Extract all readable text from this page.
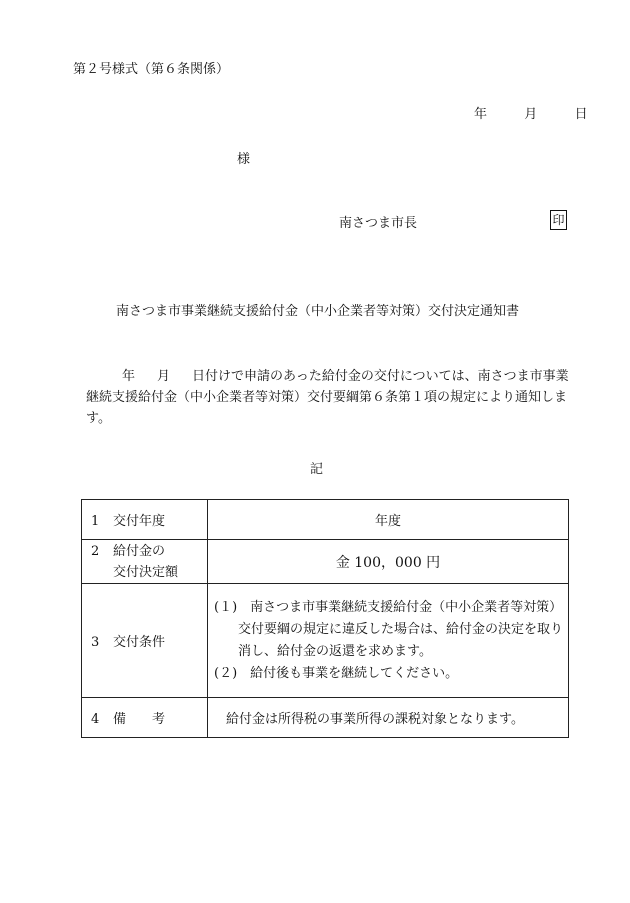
第２号様式（第６条関係）
年	月	日
様
南さつま市長	印
南さつま市事業継続支援給付金（中小企業者等対策）交付決定通知書
年 月 日付けで申請のあった給付金の交付については、南さつま市事業継続支援給付金（中小企業者等対策）交付要綱第６条第１項の規定により通知します。
記
1 交付年度	年度

2 給付金の
交付決定額	金 100，000 円
3 交付条件	(１)　南さつま市事業継続支援給付金（中小企業者等対策）

交付要綱の規定に違反した場合は、給付金の決定を取り

消し、給付金の返還を求めます。

(２)　給付後も事業を継続してください。

4 備　　考	給付金は所得税の事業所得の課税対象となります。
